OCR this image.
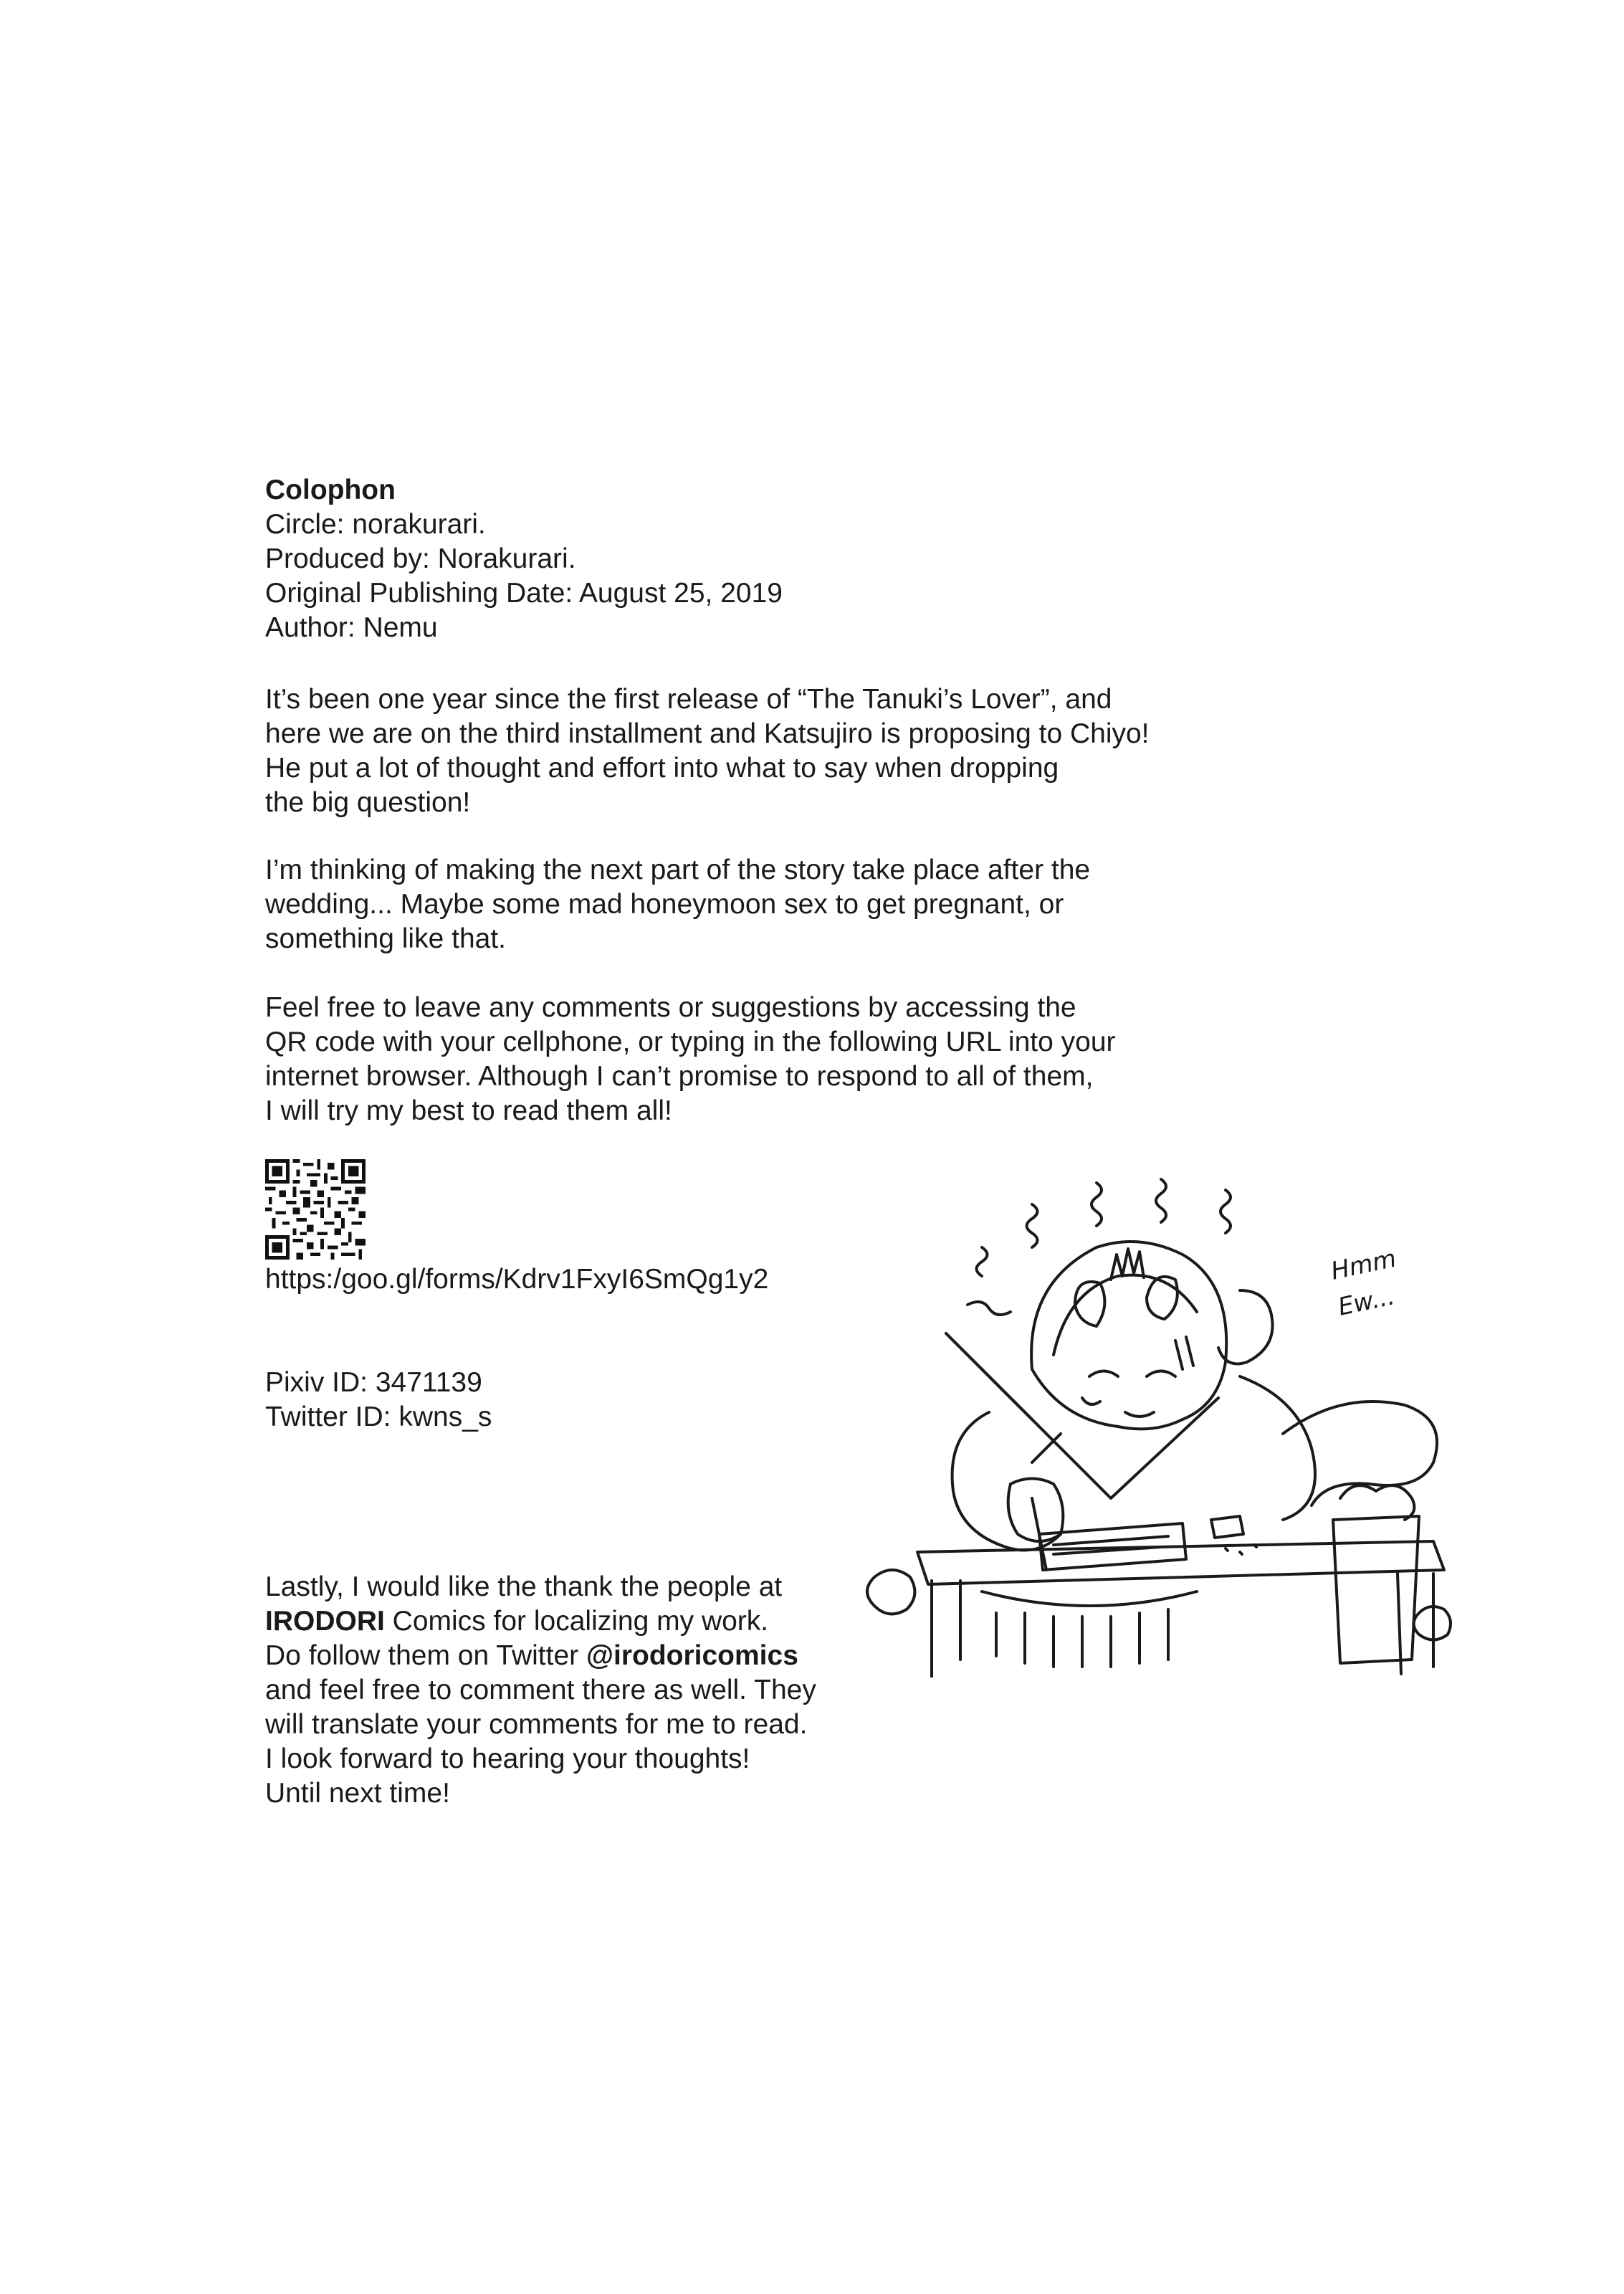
Colophon
Circle: norakurari.
Produced by: Norakurari.
Original Publishing Date: August 25, 2019
Author: Nemu
It’s been one year since the first release of “The Tanuki’s Lover”, and
here we are on the third installment and Katsujiro is proposing to Chiyo!
He put a lot of thought and effort into what to say when dropping
the big question!
I’m thinking of making the next part of the story take place after the
wedding... Maybe some mad honeymoon sex to get pregnant, or
something like that.
Feel free to leave any comments or suggestions by accessing the
QR code with your cellphone, or typing in the following URL into your
internet browser. Although I can’t promise to respond to all of them,
I will try my best to read them all!
https:/goo.gl/forms/Kdrv1FxyI6SmQg1y2
Pixiv ID: 3471139
Twitter ID: kwns_s
Lastly, I would like the thank the people at
IRODORI Comics for localizing my work.
Do follow them on Twitter @irodoricomics
and feel free to comment there as well. They
will translate your comments for me to read.
I look forward to hearing your thoughts!
Until next time!
Hmm
Ew...
